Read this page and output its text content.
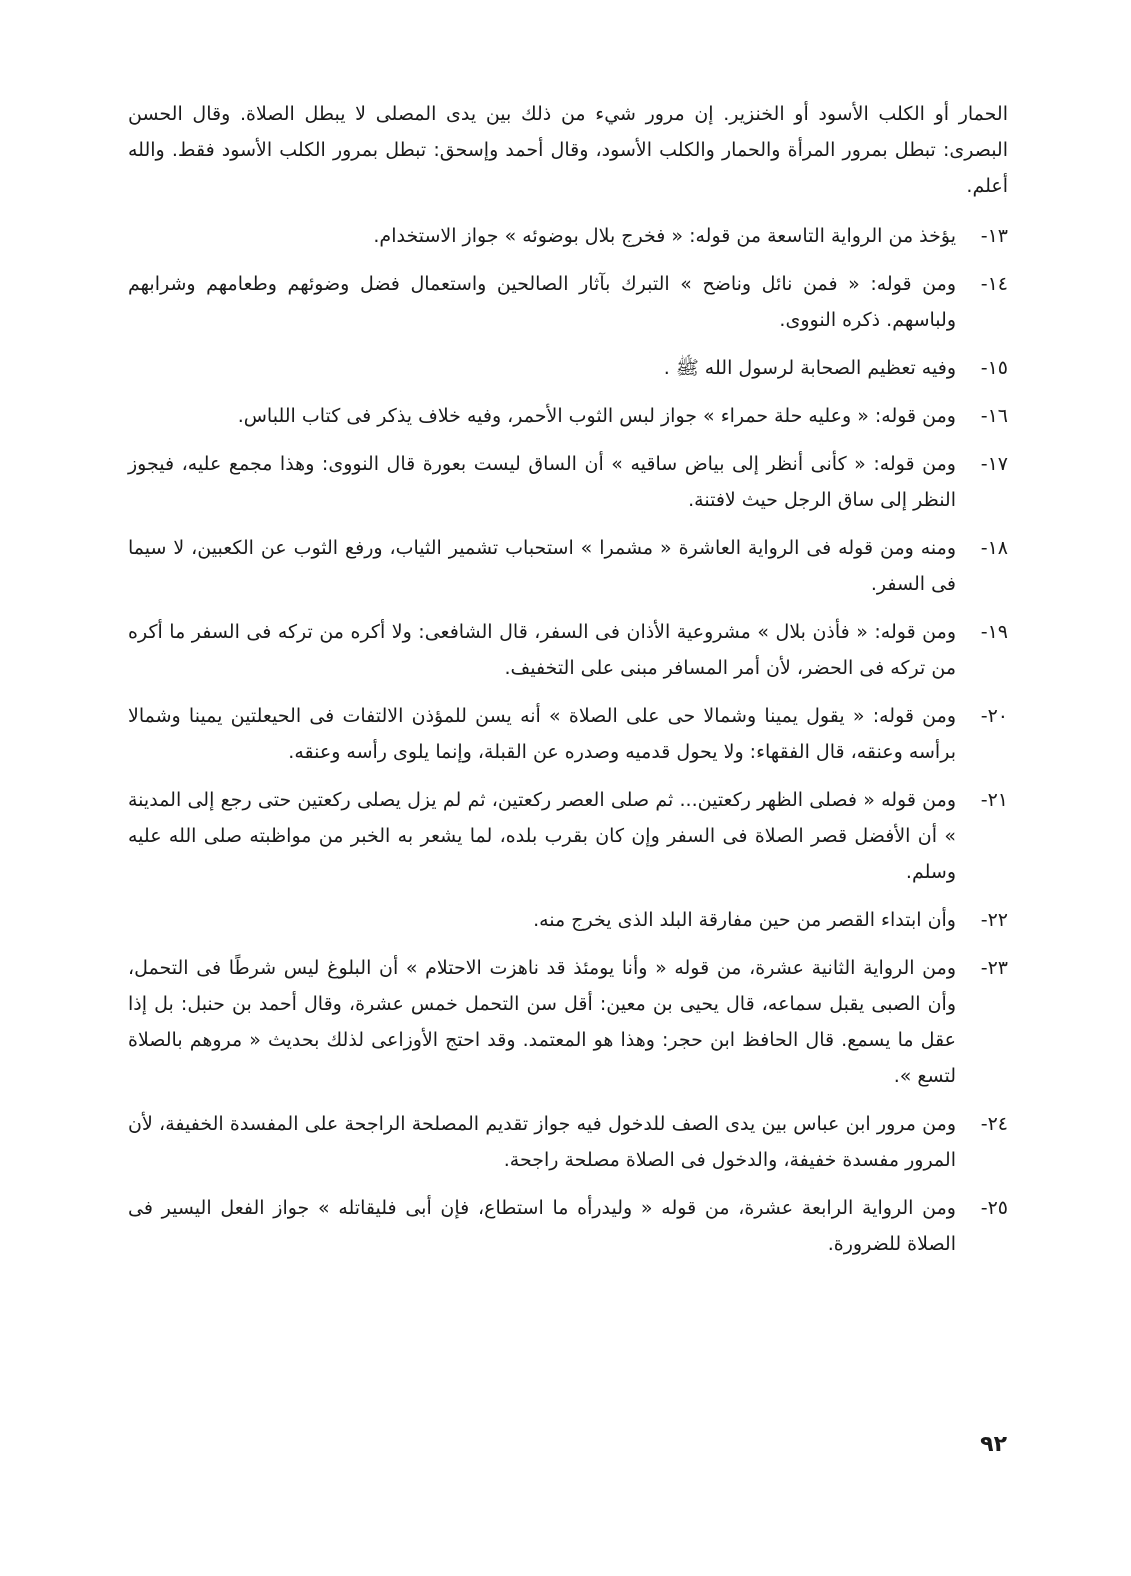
الحمار أو الكلب الأسود أو الخنزير. إن مرور شيء من ذلك بين يدى المصلى لا يبطل الصلاة. وقال الحسن البصرى: تبطل بمرور المرأة والحمار والكلب الأسود، وقال أحمد وإسحق: تبطل بمرور الكلب الأسود فقط. والله أعلم.

١٣-
يؤخذ من الرواية التاسعة من قوله: « فخرج بلال بوضوئه » جواز الاستخدام.
١٤-
ومن قوله: « فمن نائل وناضح » التبرك بآثار الصالحين واستعمال فضل وضوئهم وطعامهم وشرابهم ولباسهم. ذكره النووى.
١٥-
وفيه تعظيم الصحابة لرسول الله ﷺ .
١٦-
ومن قوله: « وعليه حلة حمراء » جواز لبس الثوب الأحمر، وفيه خلاف يذكر فى كتاب اللباس.
١٧-
ومن قوله: « كأنى أنظر إلى بياض ساقيه » أن الساق ليست بعورة قال النووى: وهذا مجمع عليه، فيجوز النظر إلى ساق الرجل حيث لافتنة.
١٨-
ومنه ومن قوله فى الرواية العاشرة « مشمرا » استحباب تشمير الثياب، ورفع الثوب عن الكعبين، لا سيما فى السفر.
١٩-
ومن قوله: « فأذن بلال » مشروعية الأذان فى السفر، قال الشافعى: ولا أكره من تركه فى السفر ما أكره من تركه فى الحضر، لأن أمر المسافر مبنى على التخفيف.
٢٠-
ومن قوله: « يقول يمينا وشمالا حى على الصلاة » أنه يسن للمؤذن الالتفات فى الحيعلتين يمينا وشمالا برأسه وعنقه، قال الفقهاء: ولا يحول قدميه وصدره عن القبلة، وإنما يلوى رأسه وعنقه.
٢١-
ومن قوله « فصلى الظهر ركعتين... ثم صلى العصر ركعتين، ثم لم يزل يصلى ركعتين حتى رجع إلى المدينة » أن الأفضل قصر الصلاة فى السفر وإن كان بقرب بلده، لما يشعر به الخبر من مواظبته صلى الله عليه وسلم.
٢٢-
وأن ابتداء القصر من حين مفارقة البلد الذى يخرج منه.
٢٣-
ومن الرواية الثانية عشرة، من قوله « وأنا يومئذ قد ناهزت الاحتلام » أن البلوغ ليس شرطًا فى التحمل، وأن الصبى يقبل سماعه، قال يحيى بن معين: أقل سن التحمل خمس عشرة، وقال أحمد بن حنبل: بل إذا عقل ما يسمع. قال الحافظ ابن حجر: وهذا هو المعتمد. وقد احتج الأوزاعى لذلك بحديث « مروهم بالصلاة لتسع ».
٢٤-
ومن مرور ابن عباس بين يدى الصف للدخول فيه جواز تقديم المصلحة الراجحة على المفسدة الخفيفة، لأن المرور مفسدة خفيفة، والدخول فى الصلاة مصلحة راجحة.
٢٥-
ومن الرواية الرابعة عشرة، من قوله « وليدرأه ما استطاع، فإن أبى فليقاتله » جواز الفعل اليسير فى الصلاة للضرورة.
٩٢
